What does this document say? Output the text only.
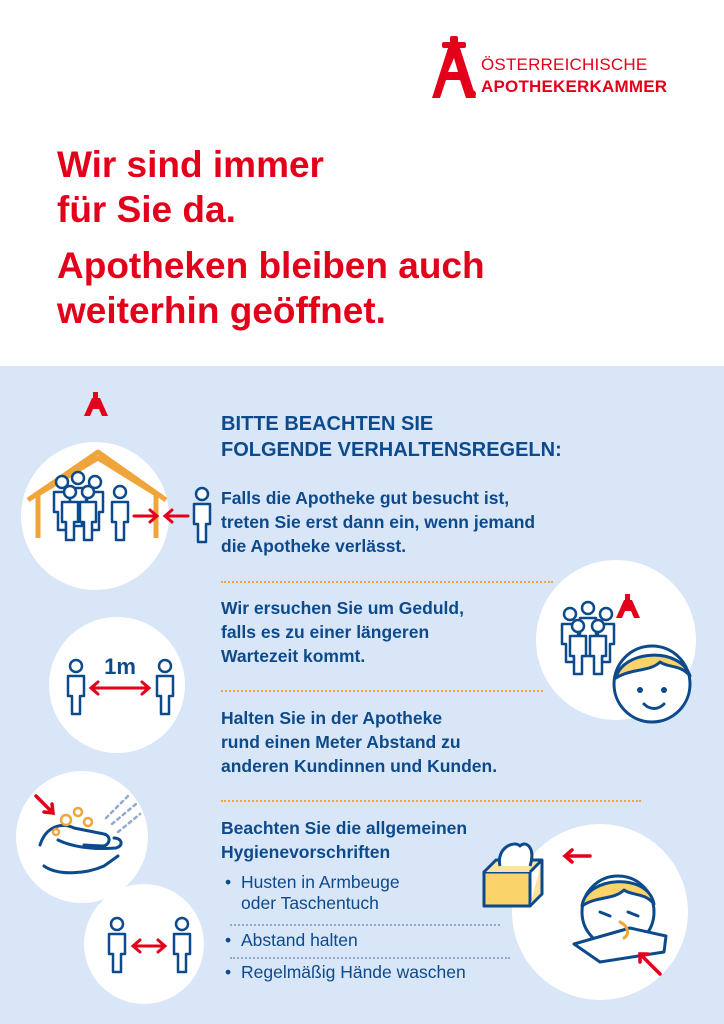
ÖSTERREICHISCHE
APOTHEKERKAMMER
Wir sind immer
für Sie da.
Apotheken bleiben auch
weiterhin geöffnet.
1m
BITTE BEACHTEN SIE
FOLGENDE VERHALTENSREGELN:

Falls die Apotheke gut besucht ist,
treten Sie erst dann ein, wenn jemand
die Apotheke verlässt.

Wir ersuchen Sie um Geduld,
falls es zu einer längeren
Wartezeit kommt.

Halten Sie in der Apotheke
rund einen Meter Abstand zu
anderen Kundinnen und Kunden.

Beachten Sie die allgemeinen
Hygienevorschriften

• Husten in Armbeuge
oder Taschentuch
• Abstand halten
• Regelmäßig Hände waschen
